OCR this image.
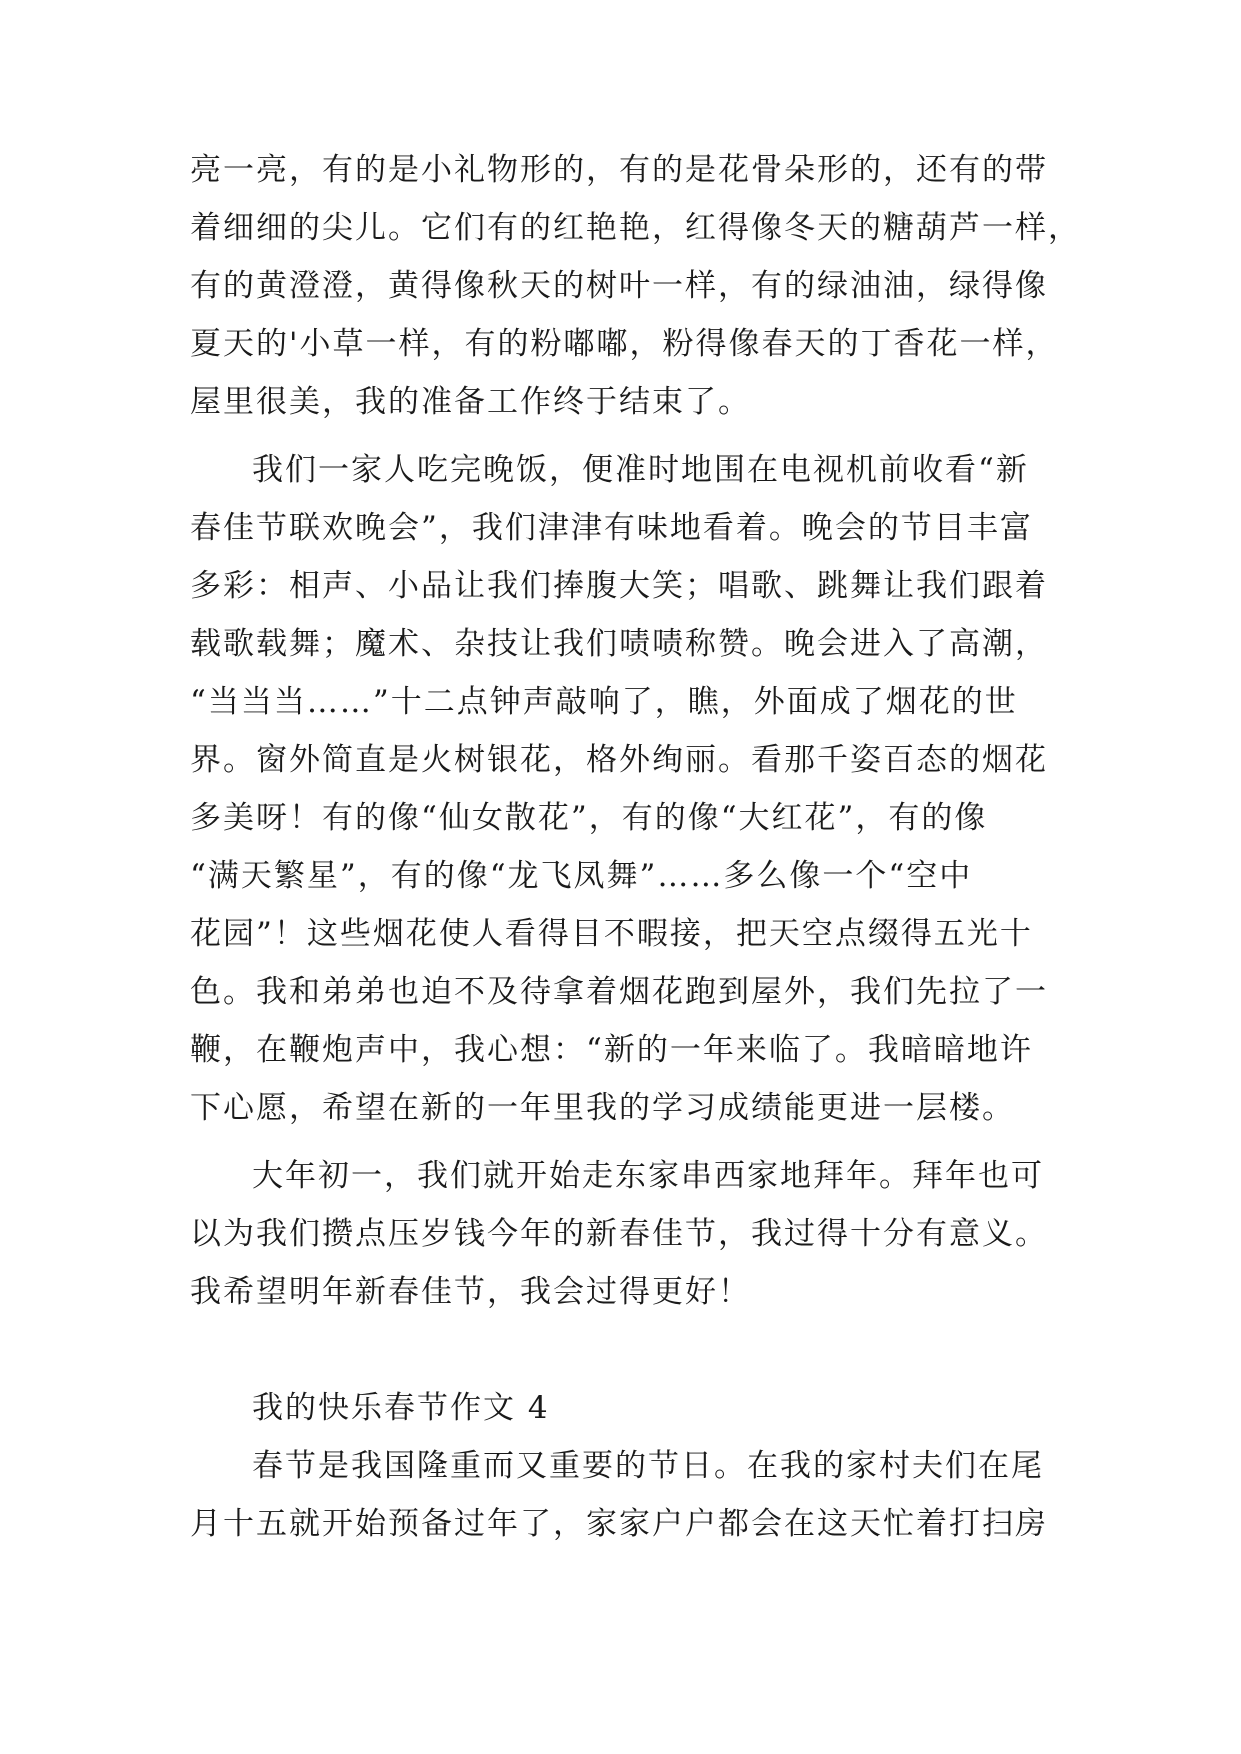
亮一亮，有的是小礼物形的，有的是花骨朵形的，还有的带
着细细的尖儿。它们有的红艳艳，红得像冬天的糖葫芦一样，
有的黄澄澄，黄得像秋天的树叶一样，有的绿油油，绿得像
夏天的'小草一样，有的粉嘟嘟，粉得像春天的丁香花一样，
屋里很美，我的准备工作终于结束了。
我们一家人吃完晚饭，便准时地围在电视机前收看“新
春佳节联欢晚会”，我们津津有味地看着。晚会的节目丰富
多彩：相声、小品让我们捧腹大笑；唱歌、跳舞让我们跟着
载歌载舞；魔术、杂技让我们啧啧称赞。晚会进入了高潮，
“当当当……”十二点钟声敲响了，瞧，外面成了烟花的世
界。窗外简直是火树银花，格外绚丽。看那千姿百态的烟花
多美呀！有的像“仙女散花”，有的像“大红花”，有的像
“满天繁星”，有的像“龙飞凤舞”……多么像一个“空中
花园”！这些烟花使人看得目不暇接，把天空点缀得五光十
色。我和弟弟也迫不及待拿着烟花跑到屋外，我们先拉了一
鞭，在鞭炮声中，我心想：“新的一年来临了。我暗暗地许
下心愿，希望在新的一年里我的学习成绩能更进一层楼。
大年初一，我们就开始走东家串西家地拜年。拜年也可
以为我们攒点压岁钱今年的新春佳节，我过得十分有意义。
我希望明年新春佳节，我会过得更好！
我的快乐春节作文 4
春节是我国隆重而又重要的节日。在我的家村夫们在尾
月十五就开始预备过年了，家家户户都会在这天忙着打扫房
